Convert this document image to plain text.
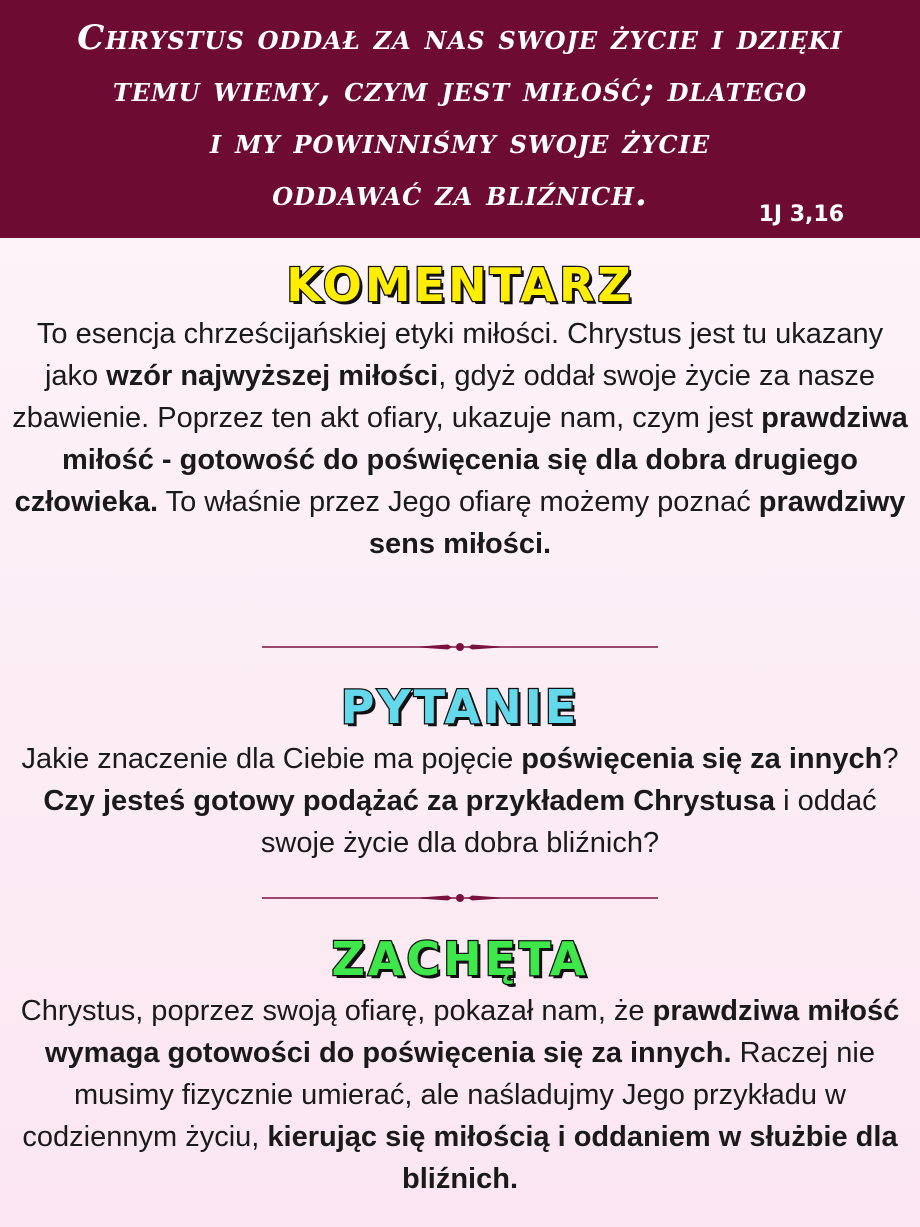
Chrystus oddał za nas swoje życie i dzięki
temu wiemy, czym jest miłość; dlatego
i my powinniśmy swoje życie
oddawać za bliźnich.
1J 3,16
KOMENTARZ
To esencja chrześcijańskiej etyki miłości. Chrystus jest tu ukazany jako wzór najwyższej miłości, gdyż oddał swoje życie za nasze zbawienie. Poprzez ten akt ofiary, ukazuje nam, czym jest prawdziwa miłość - gotowość do poświęcenia się dla dobra drugiego człowieka. To właśnie przez Jego ofiarę możemy poznać prawdziwy sens miłości.
PYTANIE
Jakie znaczenie dla Ciebie ma pojęcie poświęcenia się za innych? Czy jesteś gotowy podążać za przykładem Chrystusa i oddać swoje życie dla dobra bliźnich?
ZACHĘTA
Chrystus, poprzez swoją ofiarę, pokazał nam, że prawdziwa miłość wymaga gotowości do poświęcenia się za innych. Raczej nie musimy fizycznie umierać, ale naśladujmy Jego przykładu w codziennym życiu, kierując się miłością i oddaniem w służbie dla bliźnich.
